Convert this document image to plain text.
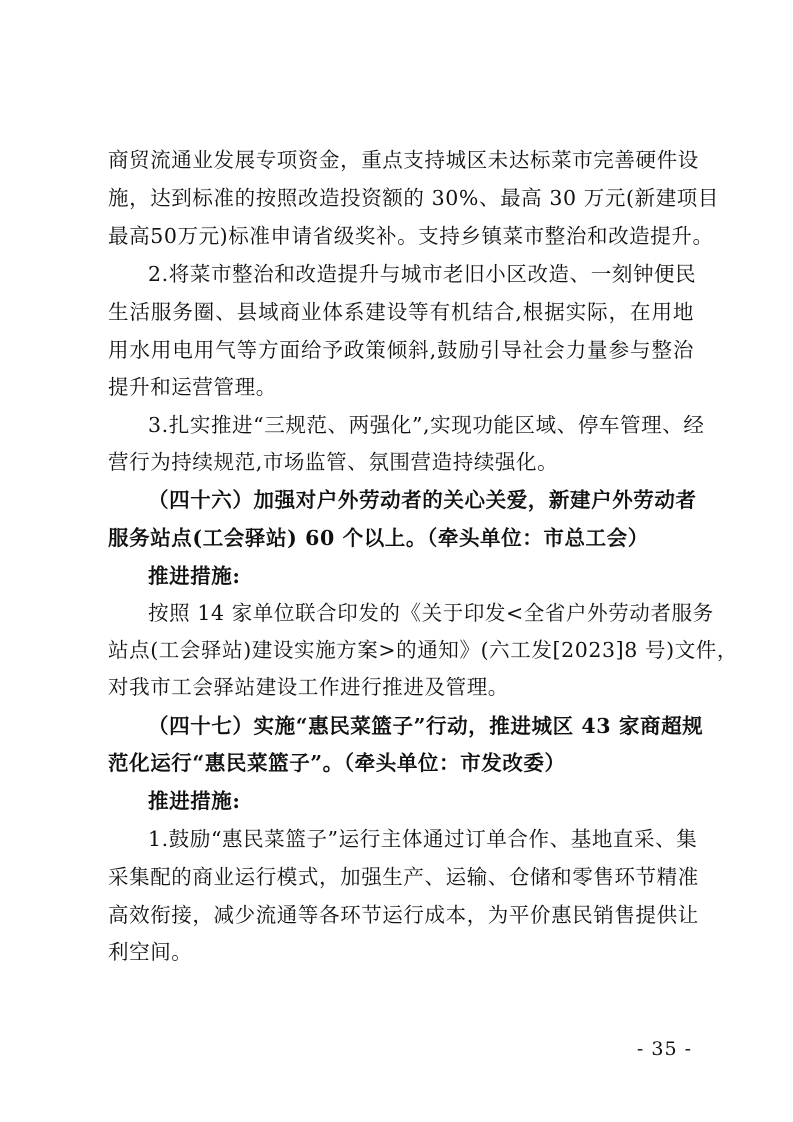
商贸流通业发展专项资金，重点支持城区未达标菜市完善硬件设
施，达到标准的按照改造投资额的 30%、最高 30 万元(新建项目
最高50万元)标准申请省级奖补。支持乡镇菜市整治和改造提升。
2.将菜市整治和改造提升与城市老旧小区改造、一刻钟便民
生活服务圈、县域商业体系建设等有机结合,根据实际，在用地
用水用电用气等方面给予政策倾斜,鼓励引导社会力量参与整治
提升和运营管理。
3.扎实推进“三规范、两强化”,实现功能区域、停车管理、经
营行为持续规范,市场监管、氛围营造持续强化。
（四十六）加强对户外劳动者的关心关爱，新建户外劳动者
服务站点(工会驿站) 60 个以上。（牵头单位：市总工会）
推进措施:
按照 14 家单位联合印发的《关于印发<全省户外劳动者服务
站点(工会驿站)建设实施方案>的通知》(六工发[2023]8 号)文件，
对我市工会驿站建设工作进行推进及管理。
（四十七）实施“惠民菜篮子”行动，推进城区 43 家商超规
范化运行“惠民菜篮子”。（牵头单位：市发改委）
推进措施:
1.鼓励“惠民菜篮子”运行主体通过订单合作、基地直采、集
采集配的商业运行模式，加强生产、运输、仓储和零售环节精准
高效衔接，减少流通等各环节运行成本，为平价惠民销售提供让
利空间。
- 35 -
